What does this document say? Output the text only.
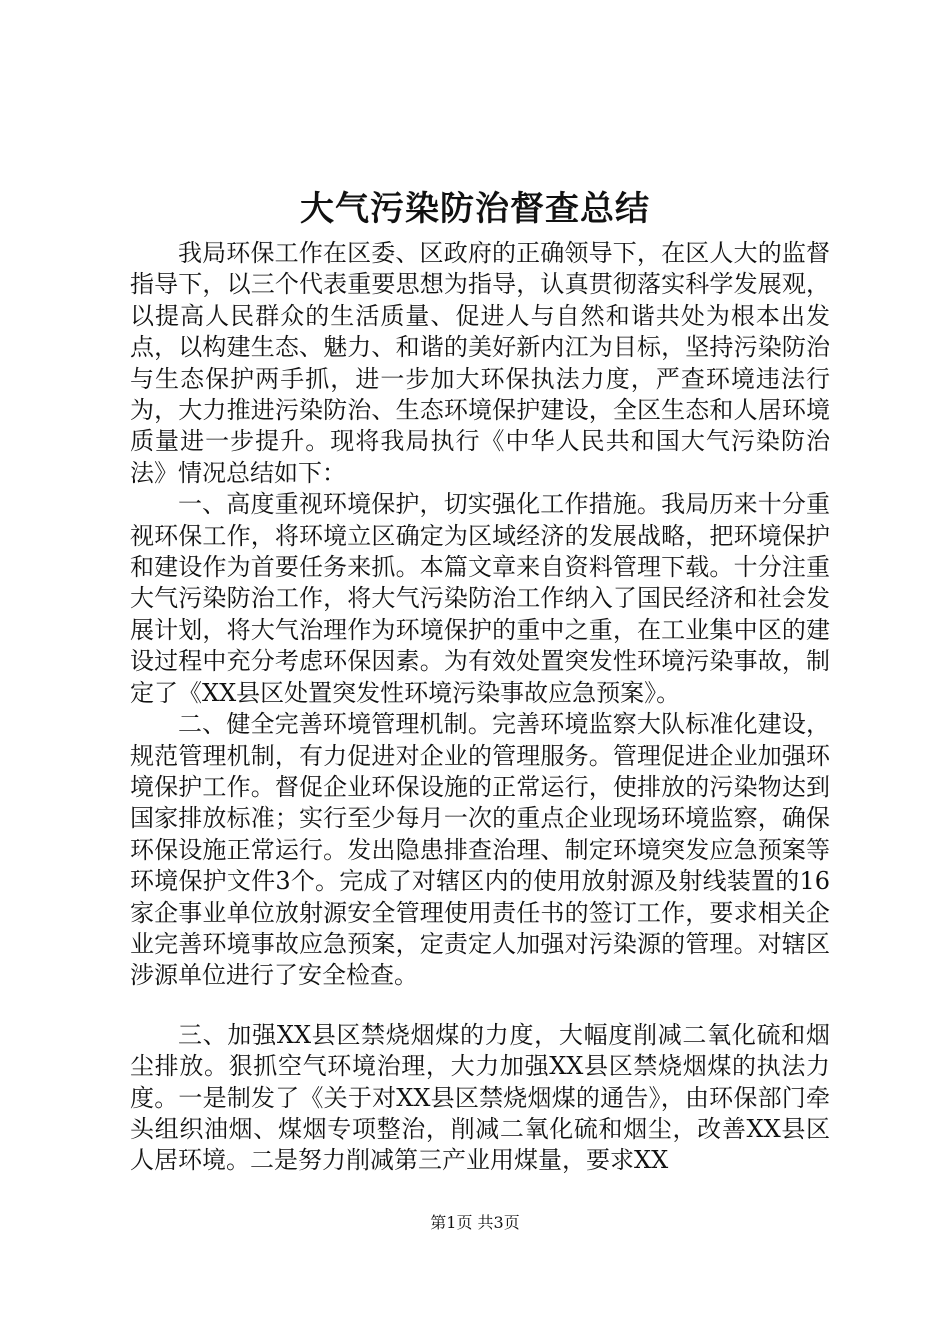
大气污染防治督查总结

我局环保工作在区委、区政府的正确领导下，在区人大的监督指导下，以三个代表重要思想为指导，认真贯彻落实科学发展观，以提高人民群众的生活质量、促进人与自然和谐共处为根本出发点，以构建生态、魅力、和谐的美好新内江为目标，坚持污染防治与生态保护两手抓，进一步加大环保执法力度，严查环境违法行为，大力推进污染防治、生态环境保护建设，全区生态和人居环境质量进一步提升。现将我局执行《中华人民共和国大气污染防治法》情况总结如下：

一、高度重视环境保护，切实强化工作措施。我局历来十分重视环保工作，将环境立区确定为区域经济的发展战略，把环境保护和建设作为首要任务来抓。本篇文章来自资料管理下载。十分注重大气污染防治工作，将大气污染防治工作纳入了国民经济和社会发展计划，将大气治理作为环境保护的重中之重，在工业集中区的建设过程中充分考虑环保因素。为有效处置突发性环境污染事故，制定了《XX县区处置突发性环境污染事故应急预案》。

二、健全完善环境管理机制。完善环境监察大队标准化建设，规范管理机制，有力促进对企业的管理服务。管理促进企业加强环境保护工作。督促企业环保设施的正常运行，使排放的污染物达到国家排放标准；实行至少每月一次的重点企业现场环境监察，确保环保设施正常运行。发出隐患排查治理、制定环境突发应急预案等环境保护文件3个。完成了对辖区内的使用放射源及射线装置的16家企事业单位放射源安全管理使用责任书的签订工作，要求相关企业完善环境事故应急预案，定责定人加强对污染源的管理。对辖区涉源单位进行了安全检查。

三、加强XX县区禁烧烟煤的力度，大幅度削减二氧化硫和烟尘排放。狠抓空气环境治理，大力加强XX县区禁烧烟煤的执法力度。一是制发了《关于对XX县区禁烧烟煤的通告》，由环保部门牵头组织油烟、煤烟专项整治，削减二氧化硫和烟尘，改善XX县区人居环境。二是努力削减第三产业用煤量，要求XX

第1页 共3页
